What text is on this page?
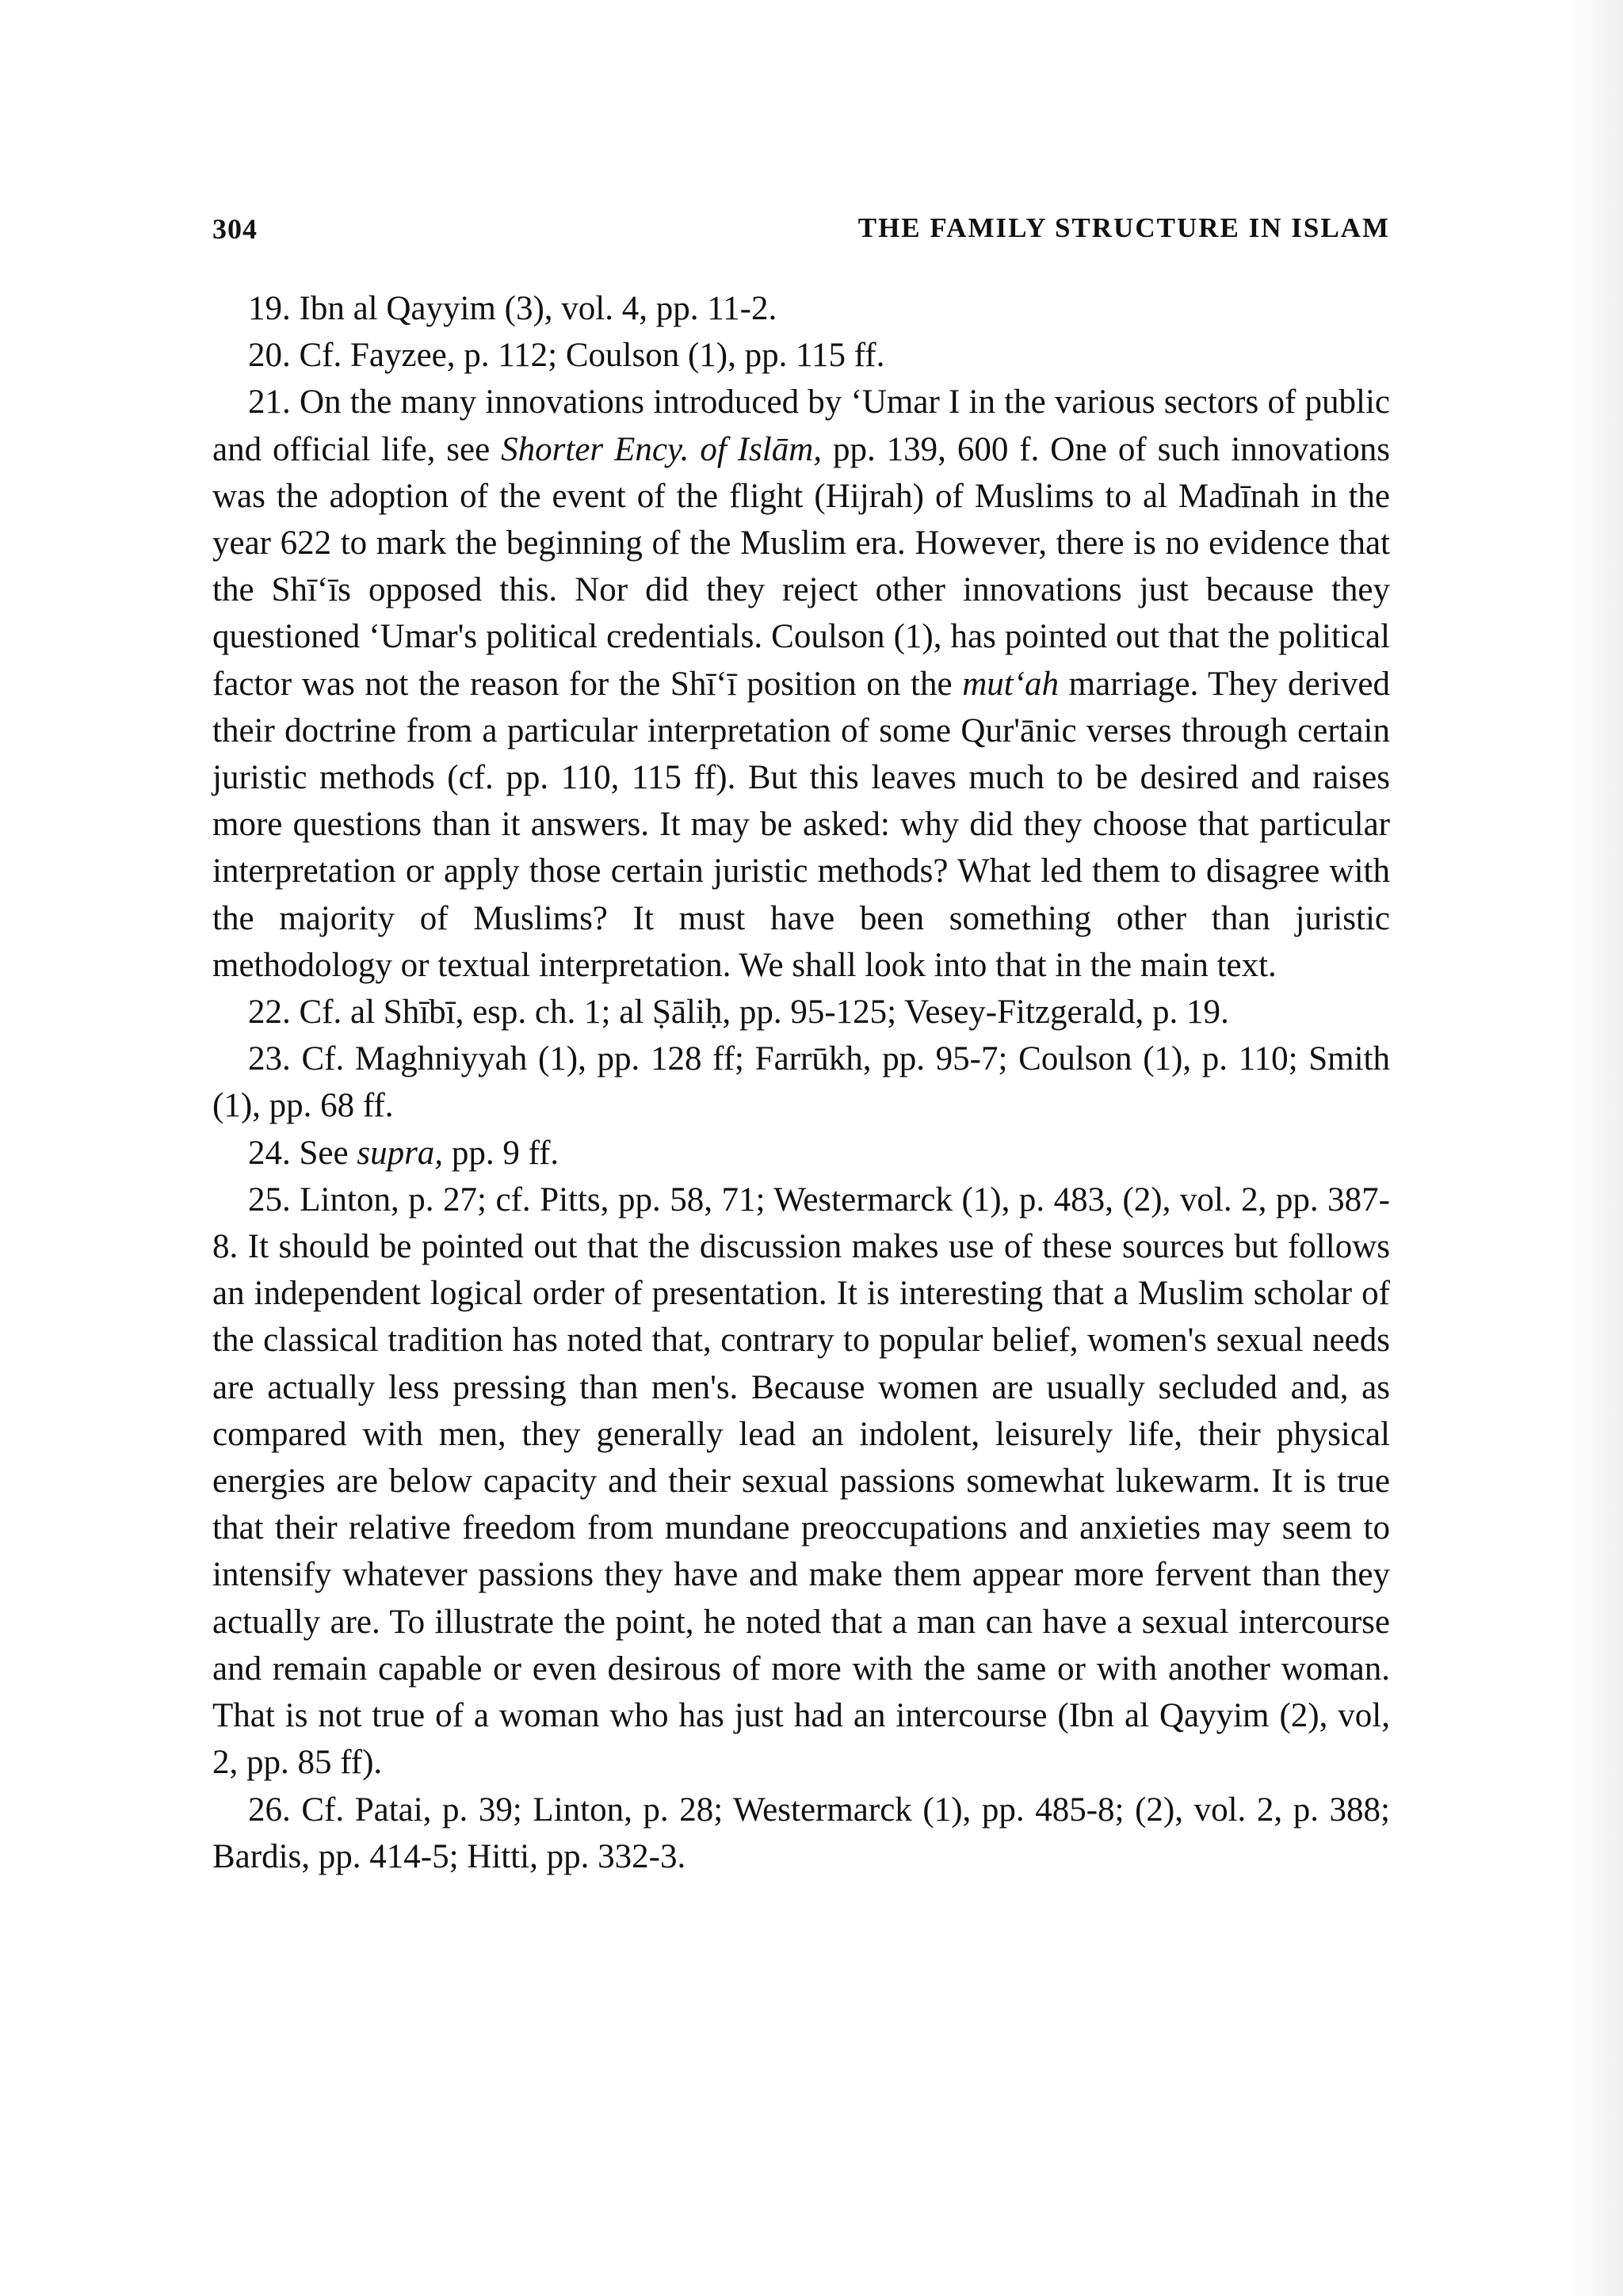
304	THE FAMILY STRUCTURE IN ISLAM

19. Ibn al Qayyim (3), vol. 4, pp. 11-2.

20. Cf. Fayzee, p. 112; Coulson (1), pp. 115 ff.

21. On the many innovations introduced by ‘Umar I in the various sectors of public and official life, see Shorter Ency. of Islām, pp. 139, 600 f. One of such innovations was the adoption of the event of the flight (Hijrah) of Muslims to al Madīnah in the year 622 to mark the beginning of the Muslim era. However, there is no evidence that the Shī‘īs opposed this. Nor did they reject other innovations just because they questioned ‘Umar's political credentials. Coulson (1), has pointed out that the political factor was not the reason for the Shī‘ī position on the mut‘ah marriage. They derived their doctrine from a particular interpretation of some Qur'ānic verses through certain juristic methods (cf. pp. 110, 115 ff). But this leaves much to be desired and raises more questions than it answers. It may be asked: why did they choose that particular interpretation or apply those certain juristic methods? What led them to disagree with the majority of Muslims? It must have been something other than juristic methodology or textual interpretation. We shall look into that in the main text.

22. Cf. al Shībī, esp. ch. 1; al Ṣāliḥ, pp. 95-125; Vesey-Fitzgerald, p. 19.

23. Cf. Maghniyyah (1), pp. 128 ff; Farrūkh, pp. 95-7; Coulson (1), p. 110; Smith (1), pp. 68 ff.

24. See supra, pp. 9 ff.

25. Linton, p. 27; cf. Pitts, pp. 58, 71; Westermarck (1), p. 483, (2), vol. 2, pp. 387-8. It should be pointed out that the discussion makes use of these sources but follows an independent logical order of presentation. It is interesting that a Muslim scholar of the classical tradition has noted that, contrary to popular belief, women's sexual needs are actually less pressing than men's. Because women are usually secluded and, as compared with men, they generally lead an indolent, leisurely life, their physical energies are below capacity and their sexual passions somewhat lukewarm. It is true that their relative freedom from mundane preoccupations and anxieties may seem to intensify whatever passions they have and make them appear more fervent than they actually are. To illustrate the point, he noted that a man can have a sexual intercourse and remain capable or even desirous of more with the same or with another woman. That is not true of a woman who has just had an intercourse (Ibn al Qayyim (2), vol, 2, pp. 85 ff).

26. Cf. Patai, p. 39; Linton, p. 28; Westermarck (1), pp. 485-8; (2), vol. 2, p. 388; Bardis, pp. 414-5; Hitti, pp. 332-3.
